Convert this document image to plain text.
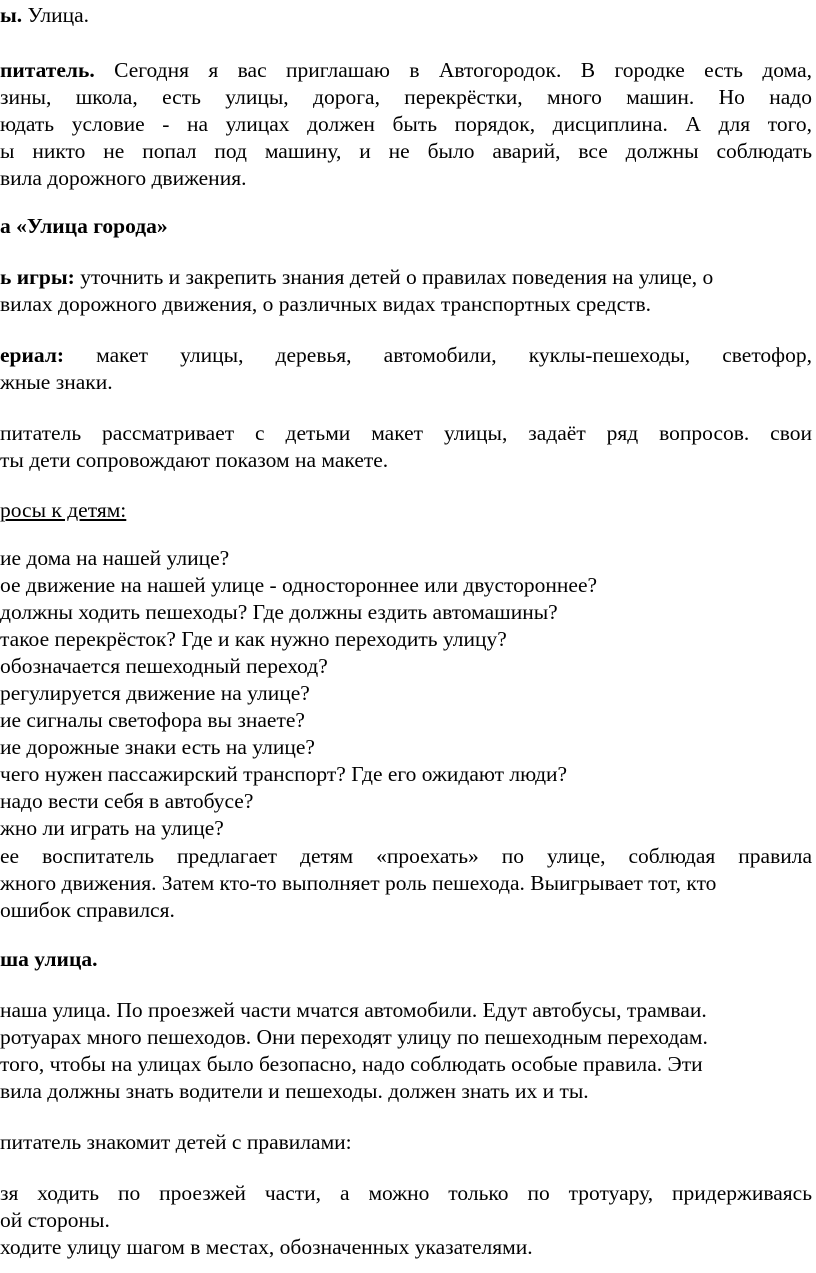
ы. Улица.
питатель. Сегодня я вас приглашаю в Автогородок. В городке есть дома,
зины, школа, есть улицы, дорога, перекрёстки, много машин. Но надо
юдать условие - на улицах должен быть порядок, дисциплина. А для того,
ы никто не попал под машину, и не было аварий, все должны соблюдать
вила дорожного движения.
а «Улица города»
ь игры: уточнить и закрепить знания детей о правилах поведения на улице, о
вилах дорожного движения, о различных видах транспортных средств.
ериал: макет улицы, деревья, автомобили, куклы-пешеходы, светофор,
жные знаки.
питатель рассматривает с детьми макет улицы, задаёт ряд вопросов. свои
ты дети сопровождают показом на макете.
росы к детям:
ие дома на нашей улице?
ое движение на нашей улице - одностороннее или двустороннее?
должны ходить пешеходы? Где должны ездить автомашины?
такое перекрёсток? Где и как нужно переходить улицу?
обозначается пешеходный переход?
регулируется движение на улице?
ие сигналы светофора вы знаете?
ие дорожные знаки есть на улице?
чего нужен пассажирский транспорт? Где его ожидают люди?
надо вести себя в автобусе?
жно ли играть на улице?
ее воспитатель предлагает детям «проехать» по улице, соблюдая правила
жного движения. Затем кто-то выполняет роль пешехода. Выигрывает тот, кто
ошибок справился.
ша улица.
наша улица. По проезжей части мчатся автомобили. Едут автобусы, трамваи.
ротуарах много пешеходов. Они переходят улицу по пешеходным переходам.
того, чтобы на улицах было безопасно, надо соблюдать особые правила. Эти
вила должны знать водители и пешеходы. должен знать их и ты.
питатель знакомит детей с правилами:
зя ходить по проезжей части, а можно только по тротуару, придерживаясь
ой стороны.
ходите улицу шагом в местах, обозначенных указателями.
